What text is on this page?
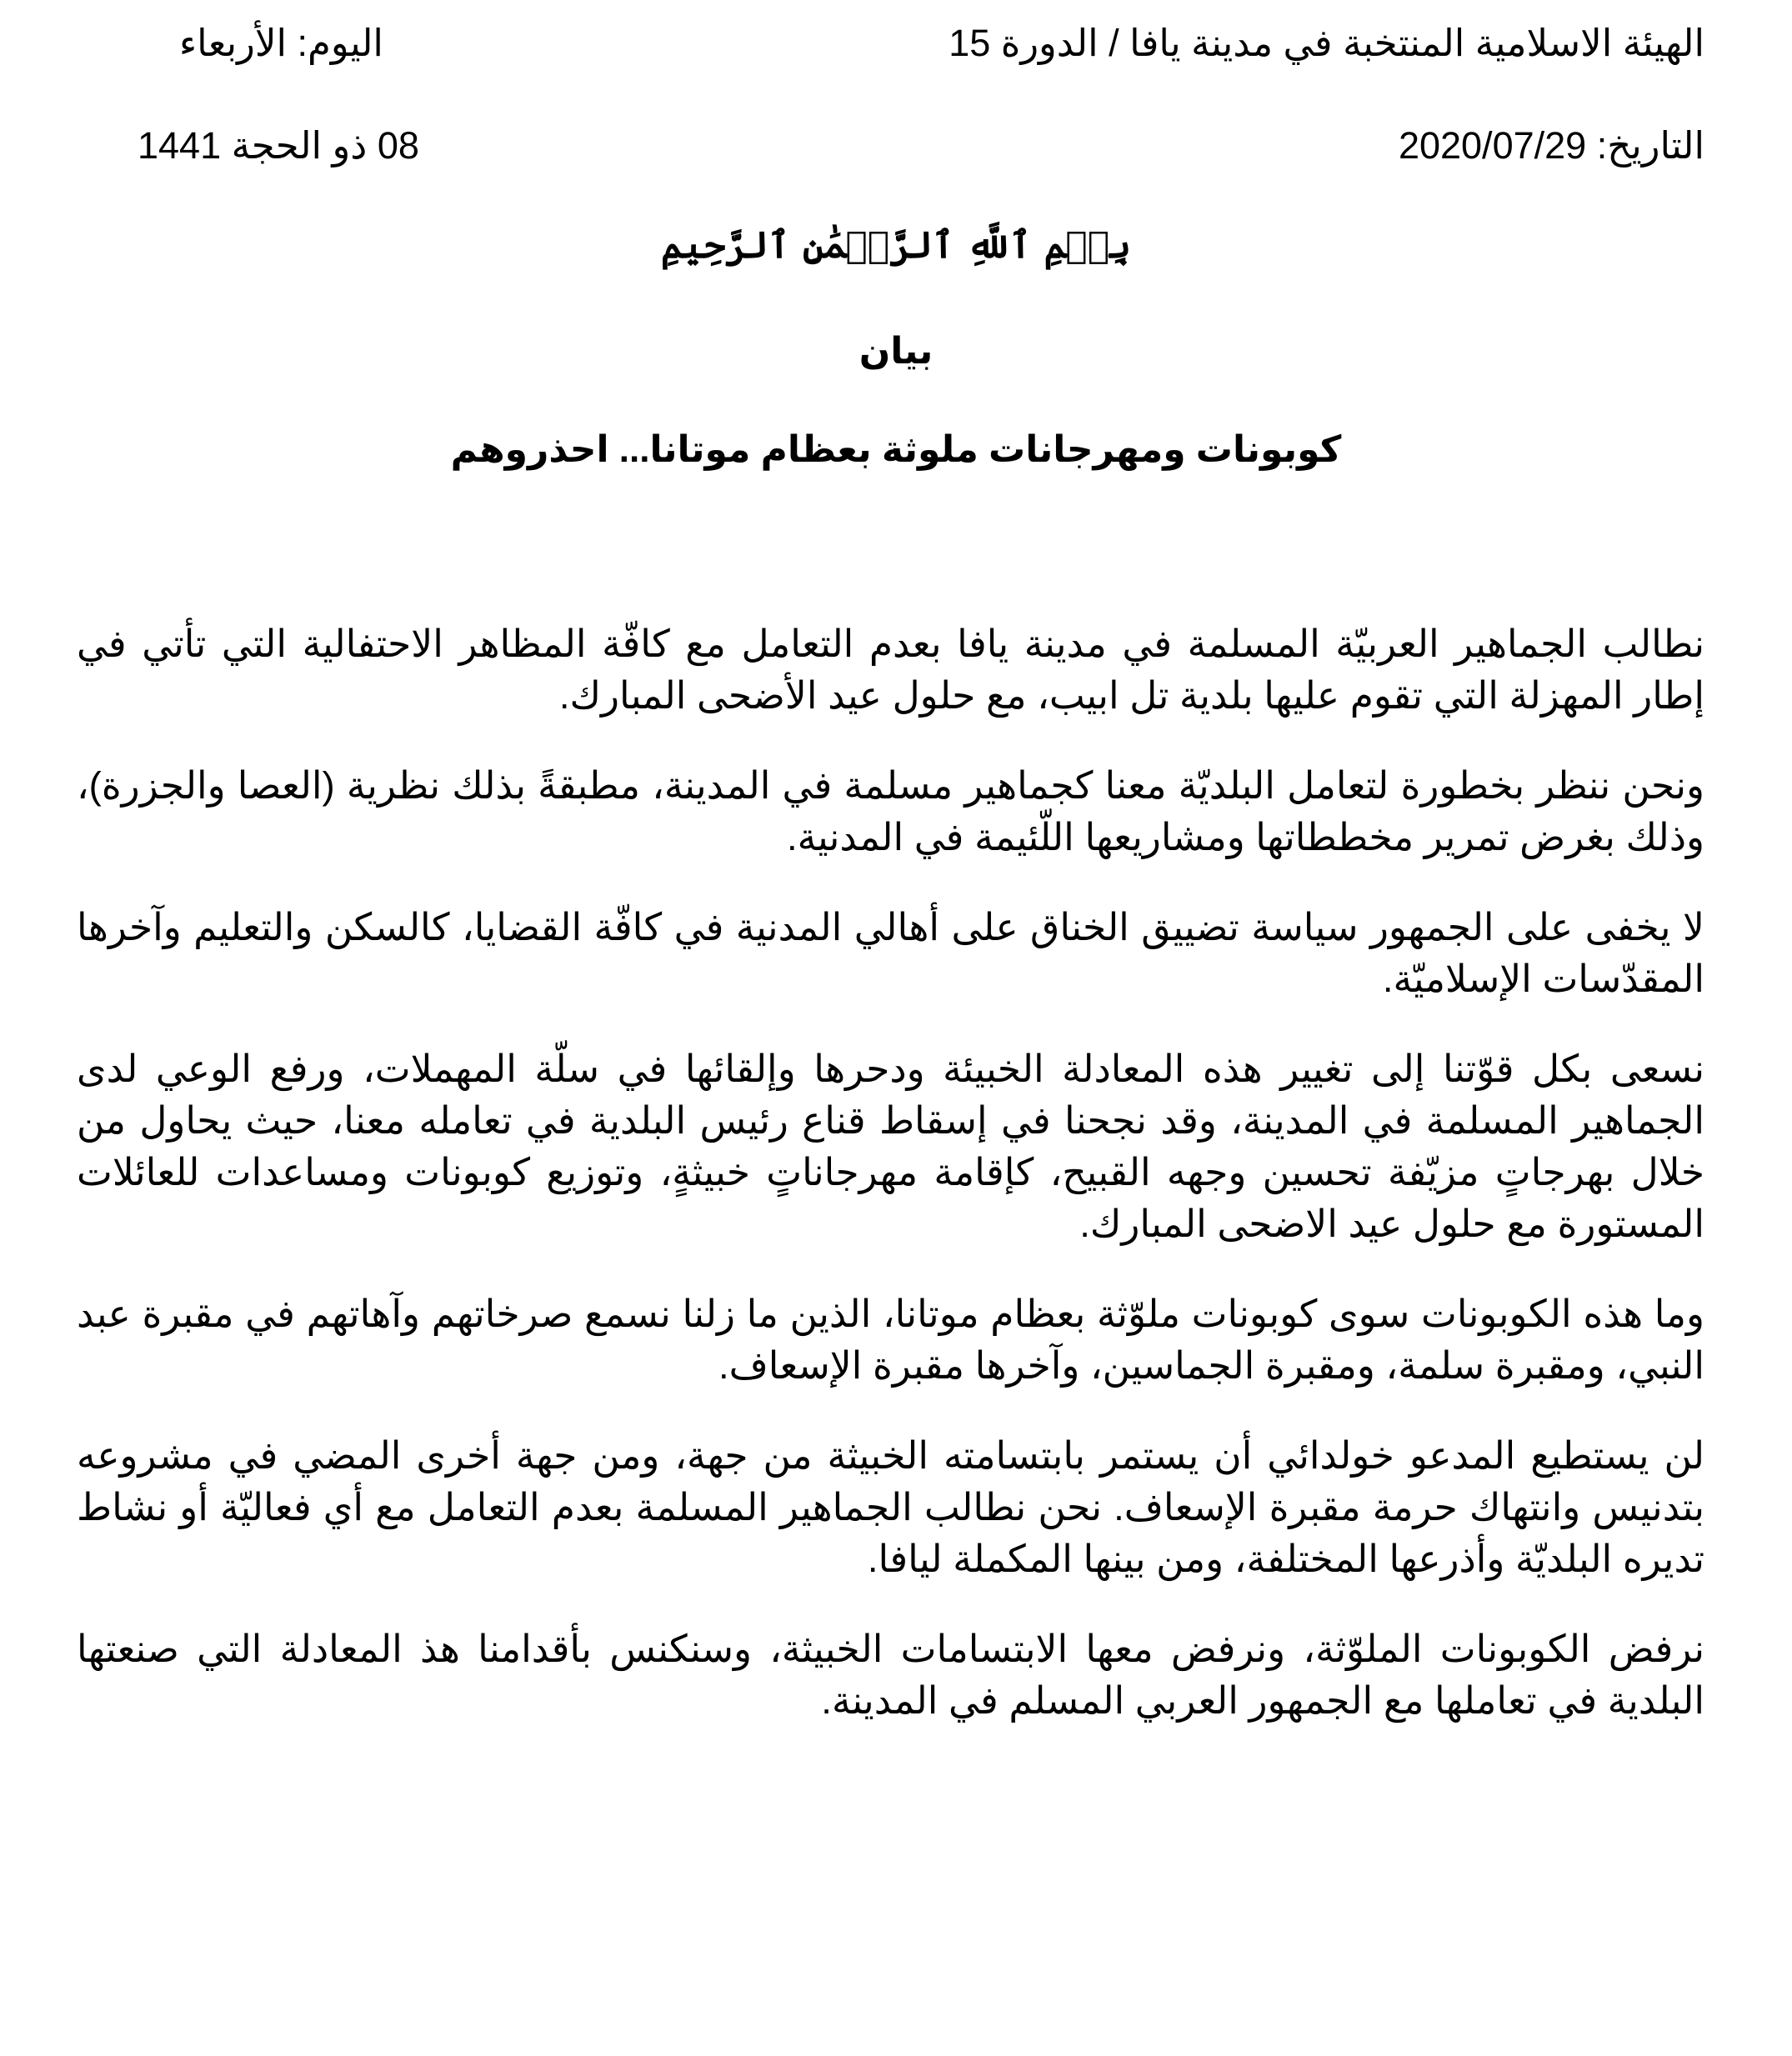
الهيئة الاسلامية المنتخبة في مدينة يافا / الدورة 15
اليوم: الأربعاء
التاريخ: 2020/07/29
08 ذو الحجة 1441
بِسۡمِ ٱللَّهِ ٱلرَّحۡمَٰنِ ٱلرَّحِيمِ
بيان
كوبونات ومهرجانات ملوثة بعظام موتانا... احذروهم

نطالب الجماهير العربيّة المسلمة في مدينة يافا بعدم التعامل مع كافّة المظاهر الاحتفالية التي تأتي في إطار المهزلة التي تقوم عليها بلدية تل ابيب، مع حلول عيد الأضحى المبارك.

ونحن ننظر بخطورة لتعامل البلديّة معنا كجماهير مسلمة في المدينة، مطبقةً بذلك نظرية (العصا والجزرة)، وذلك بغرض تمرير مخططاتها ومشاريعها اللّئيمة في المدنية.

لا يخفى على الجمهور سياسة تضييق الخناق على أهالي المدنية في كافّة القضايا، كالسكن والتعليم وآخرها المقدّسات الإسلاميّة.

نسعى بكل قوّتنا إلى تغيير هذه المعادلة الخبيئة ودحرها وإلقائها في سلّة المهملات، ورفع الوعي لدى الجماهير المسلمة في المدينة، وقد نجحنا في إسقاط قناع رئيس البلدية في تعامله معنا، حيث يحاول من خلال بهرجاتٍ مزيّفة تحسين وجهه القبيح، كإقامة مهرجاناتٍ خبيثةٍ، وتوزيع كوبونات ومساعدات للعائلات المستورة مع حلول عيد الاضحى المبارك.

وما هذه الكوبونات سوى كوبونات ملوّثة بعظام موتانا، الذين ما زلنا نسمع صرخاتهم وآهاتهم في مقبرة عبد النبي، ومقبرة سلمة، ومقبرة الجماسين، وآخرها مقبرة الإسعاف.

لن يستطيع المدعو خولدائي أن يستمر بابتسامته الخبيثة من جهة، ومن جهة أخرى المضي في مشروعه بتدنيس وانتهاك حرمة مقبرة الإسعاف. نحن نطالب الجماهير المسلمة بعدم التعامل مع أي فعاليّة أو نشاط تديره البلديّة وأذرعها المختلفة، ومن بينها المكملة ليافا.

نرفض الكوبونات الملوّثة، ونرفض معها الابتسامات الخبيثة، وسنكنس بأقدامنا هذ المعادلة التي صنعتها البلدية في تعاملها مع الجمهور العربي المسلم في المدينة.
